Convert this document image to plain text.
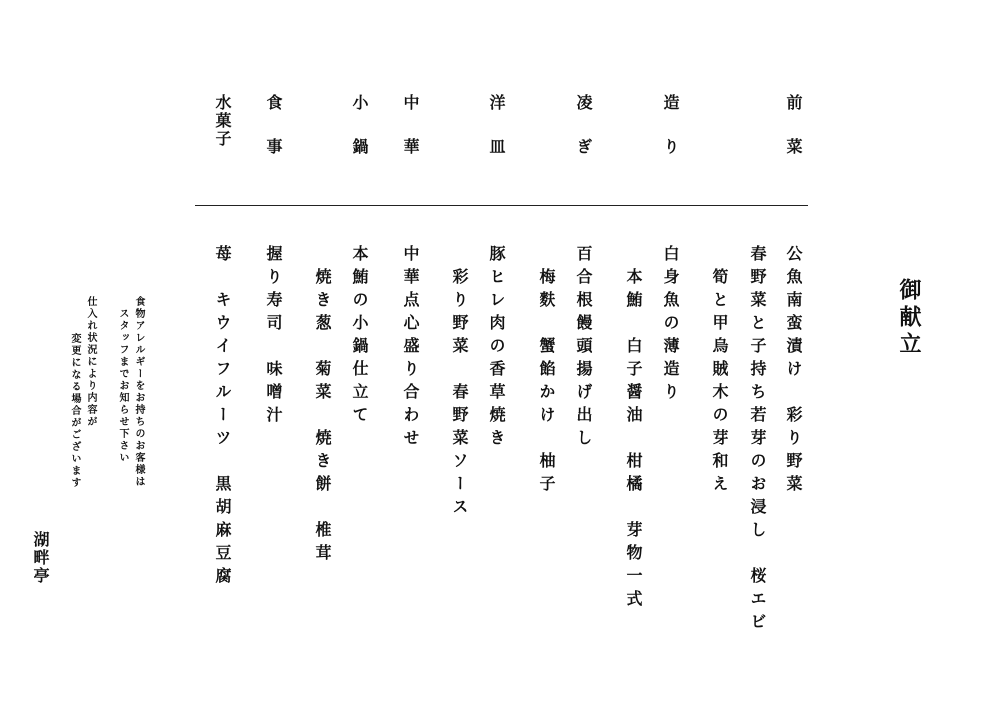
御献立
前菜
造り
凌ぎ
洋皿
中華
小鍋
食事
水菓子
公魚南蛮漬け　彩り野菜
春野菜と子持ち若芽のお浸し　桜エビ
　筍と甲烏賊木の芽和え
白身魚の薄造り
　本鮪　白子醤油　柑橘　芽物一式
百合根饅頭揚げ出し
　梅麩　蟹餡かけ　柚子
豚ヒレ肉の香草焼き
　彩り野菜　春野菜ソース
中華点心盛り合わせ
本鮪の小鍋仕立て
　焼き葱　菊菜　焼き餅　椎茸
握り寿司　味噌汁
苺　キウイフルーツ　黒胡麻豆腐
食物アレルギーをお持ちのお客様は
スタッフまでお知らせ下さい
仕入れ状況により内容が
変更になる場合がございます
湖畔亭
